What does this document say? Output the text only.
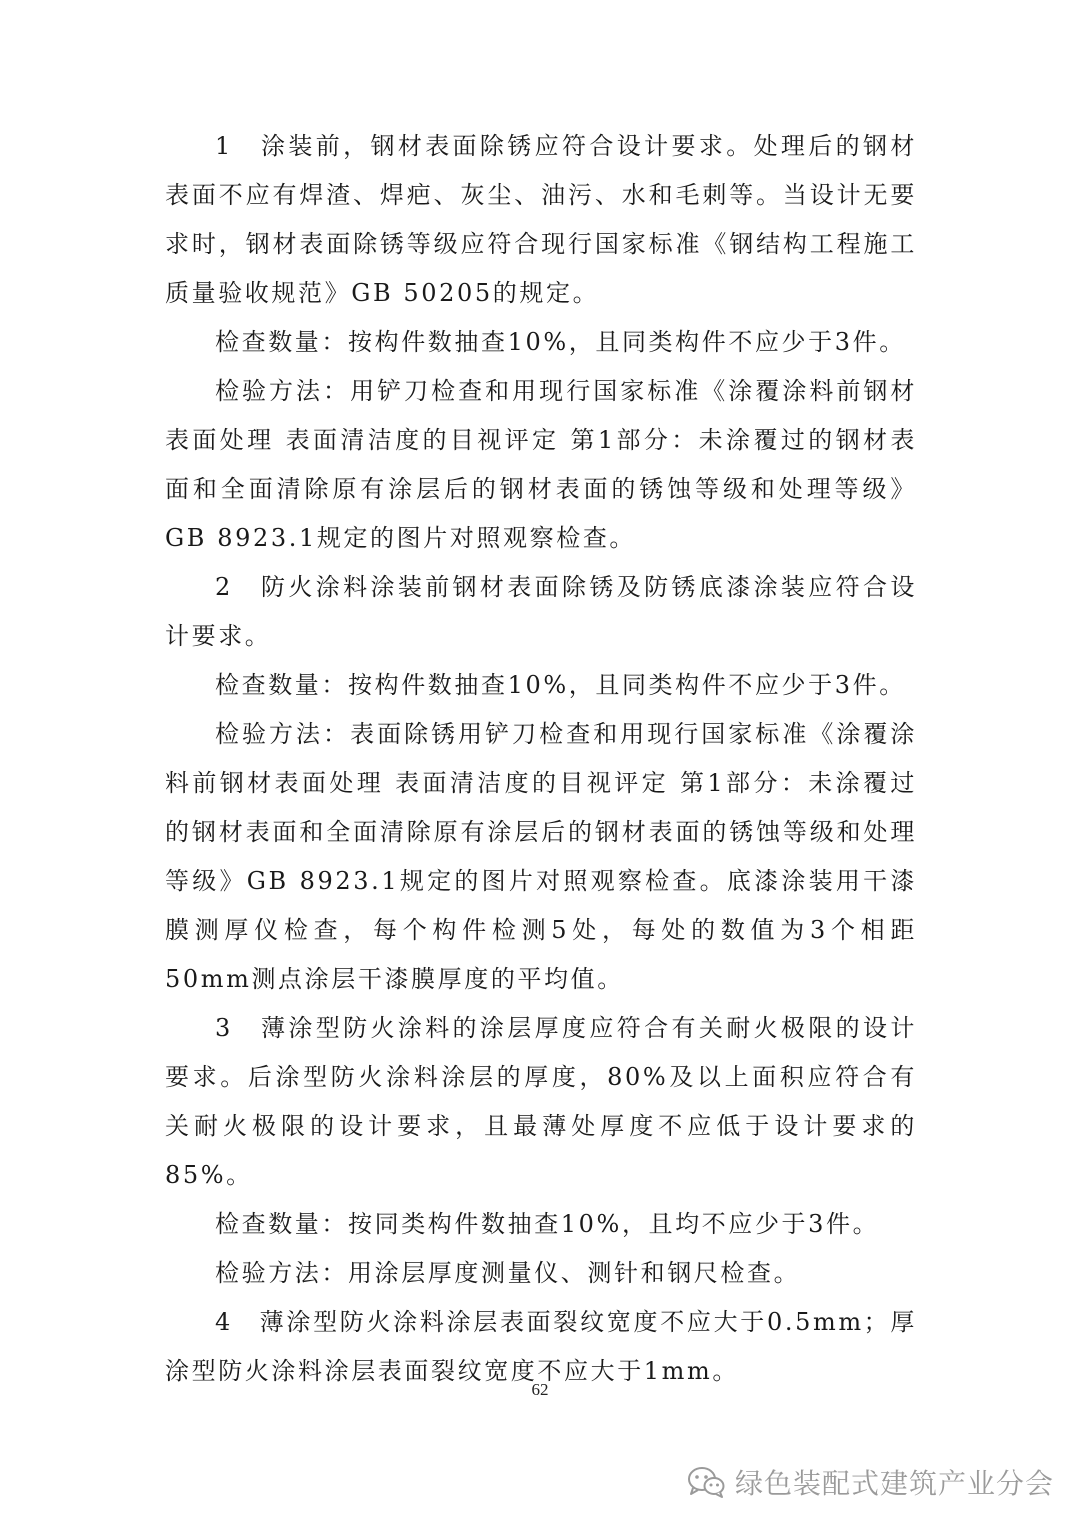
1　涂装前，钢材表面除锈应符合设计要求。处理后的钢材表面不应有焊渣、焊疤、灰尘、油污、水和毛刺等。当设计无要求时，钢材表面除锈等级应符合现行国家标准《钢结构工程施工质量验收规范》GB 50205的规定。

检查数量：按构件数抽查10%，且同类构件不应少于3件。

检验方法：用铲刀检查和用现行国家标准《涂覆涂料前钢材表面处理 表面清洁度的目视评定 第1部分：未涂覆过的钢材表面和全面清除原有涂层后的钢材表面的锈蚀等级和处理等级》GB 8923.1规定的图片对照观察检查。

2　防火涂料涂装前钢材表面除锈及防锈底漆涂装应符合设计要求。

检查数量：按构件数抽查10%，且同类构件不应少于3件。

检验方法：表面除锈用铲刀检查和用现行国家标准《涂覆涂料前钢材表面处理 表面清洁度的目视评定 第1部分：未涂覆过的钢材表面和全面清除原有涂层后的钢材表面的锈蚀等级和处理等级》GB 8923.1规定的图片对照观察检查。底漆涂装用干漆膜测厚仪检查，每个构件检测5处，每处的数值为3个相距50mm测点涂层干漆膜厚度的平均值。

3　薄涂型防火涂料的涂层厚度应符合有关耐火极限的设计要求。后涂型防火涂料涂层的厚度，80%及以上面积应符合有关耐火极限的设计要求，且最薄处厚度不应低于设计要求的85%。

检查数量：按同类构件数抽查10%，且均不应少于3件。

检验方法：用涂层厚度测量仪、测针和钢尺检查。

4　薄涂型防火涂料涂层表面裂纹宽度不应大于0.5mm；厚涂型防火涂料涂层表面裂纹宽度不应大于1mm。

62
绿色装配式建筑产业分会
